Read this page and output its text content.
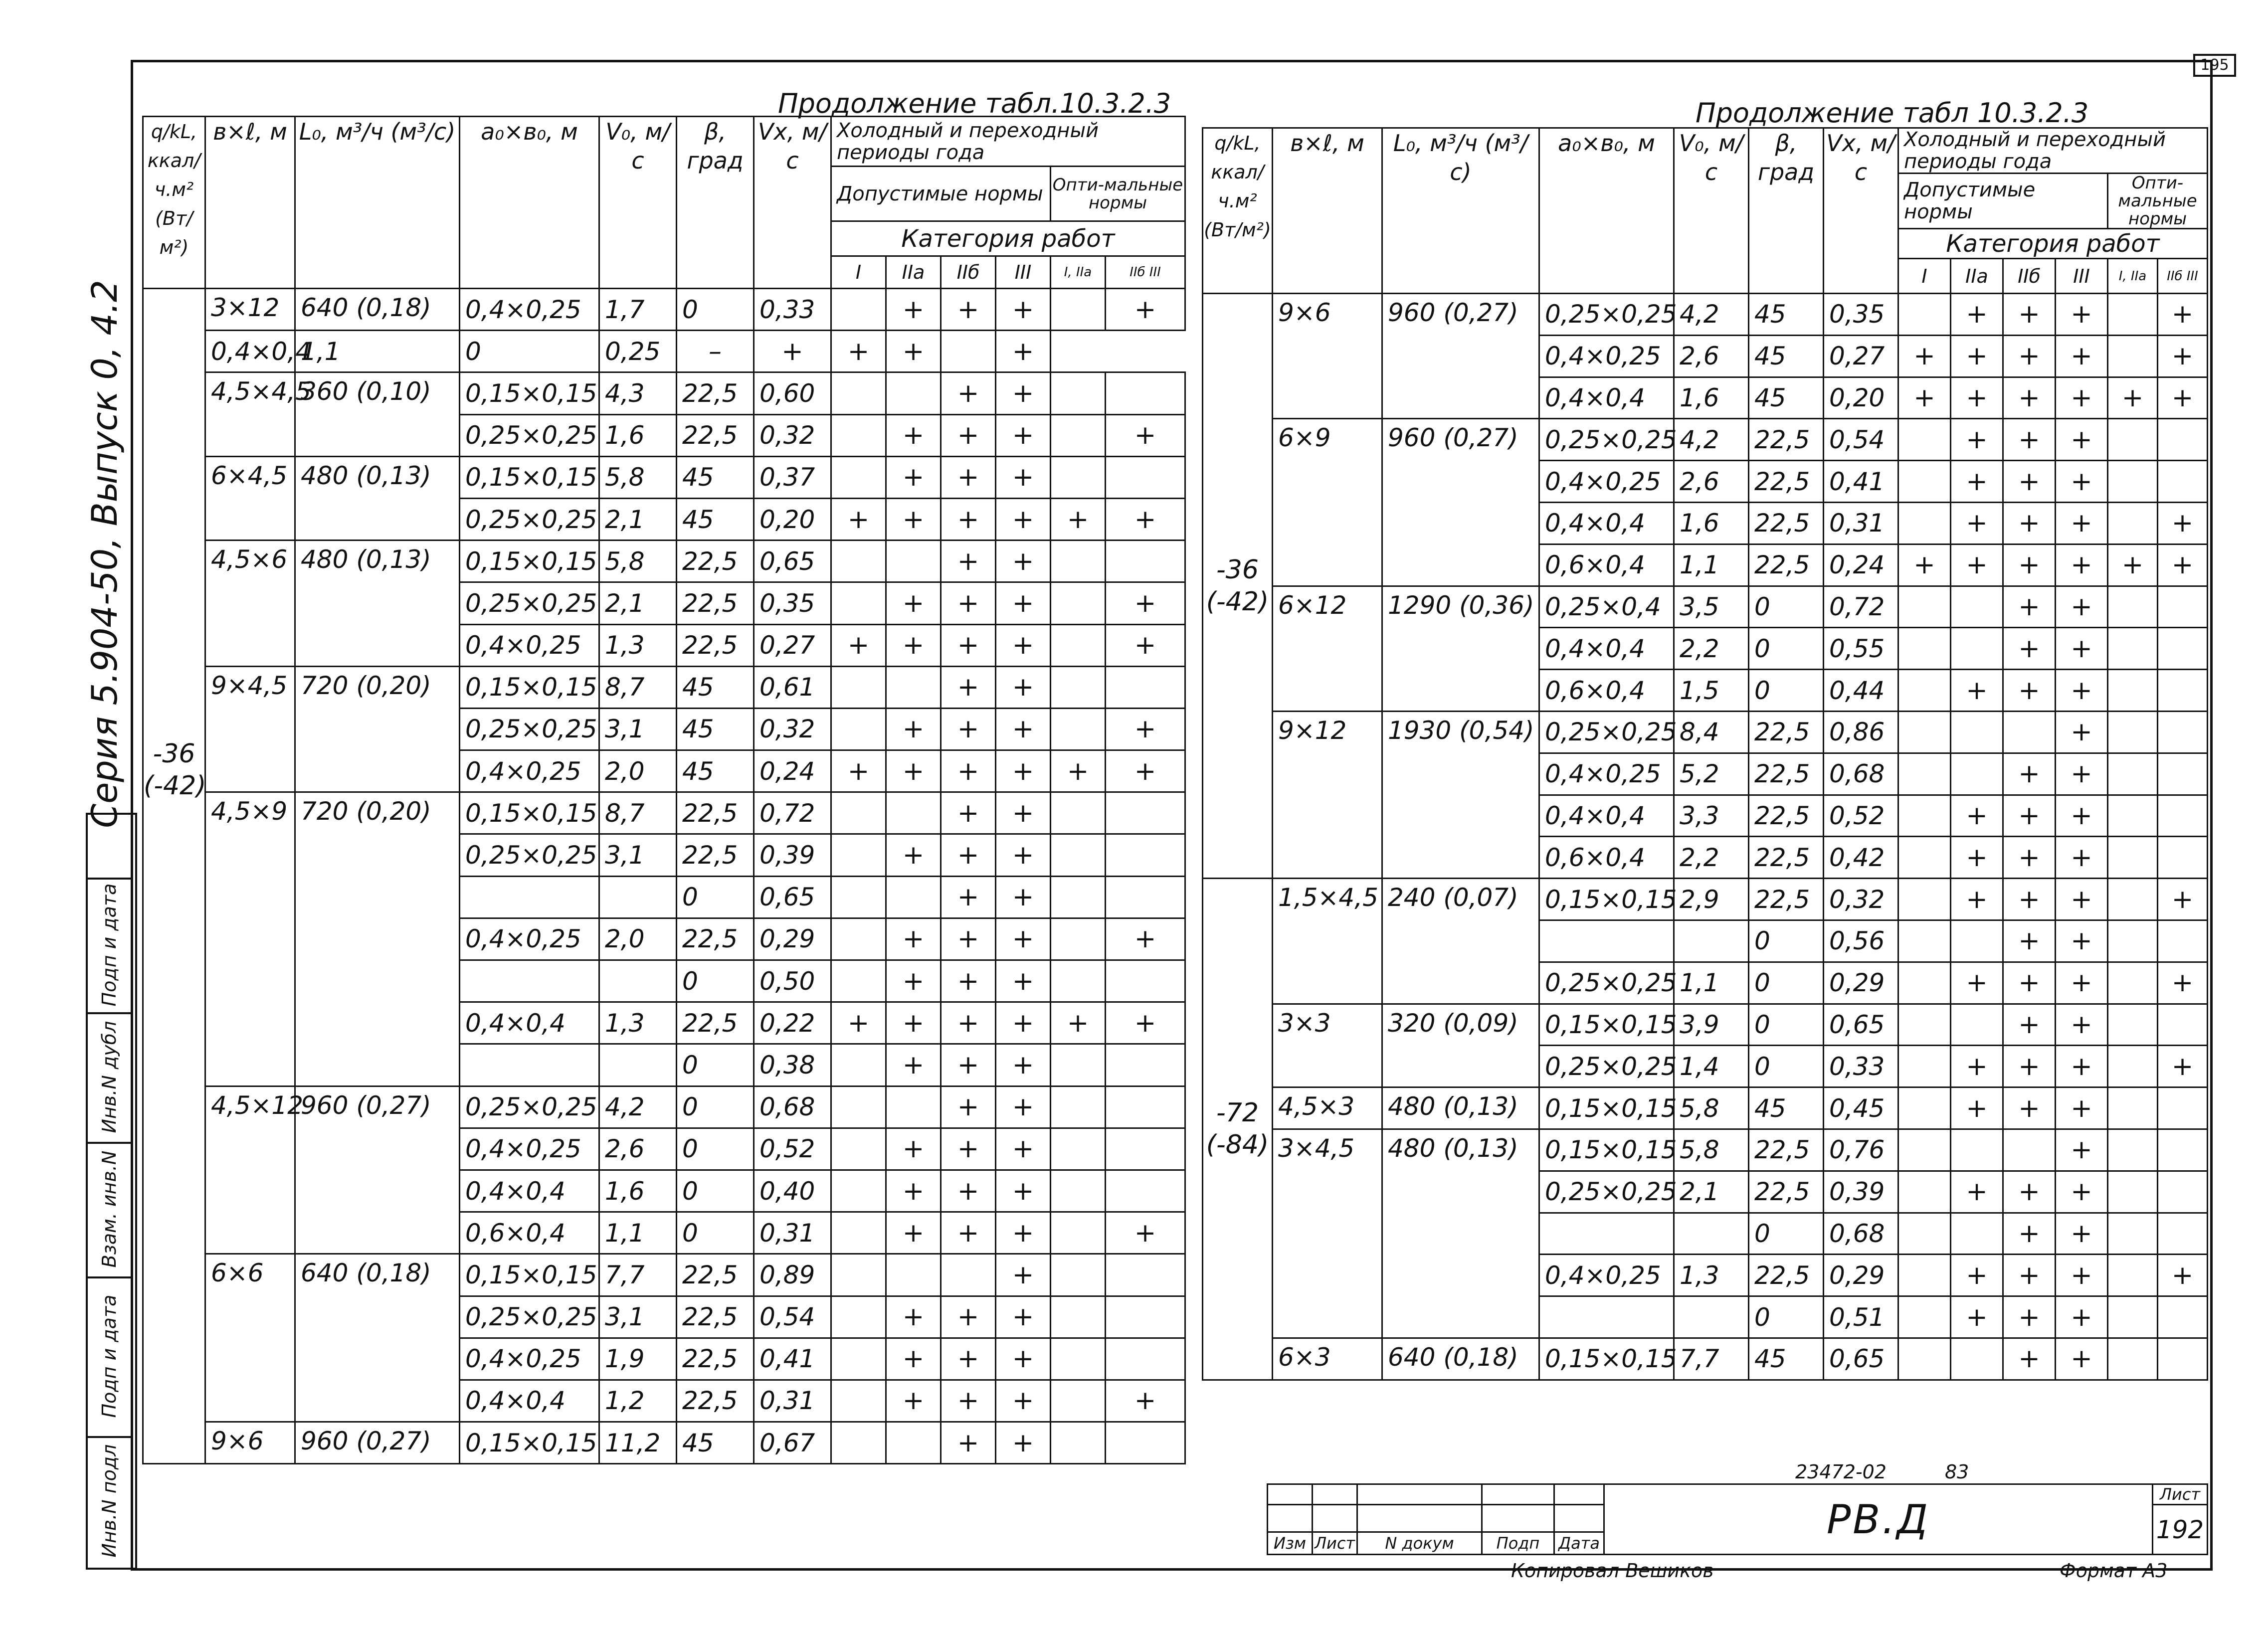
195
Серия 5.904-50, Выпуск 0, 4.2
Инв.N подл
Подп и дата
Взам. инв.N
Инв.N дубл
Подп и дата
Продолжение табл.10.3.2.3
q/kL, ккал/ч.м² (Вт/м²)	в×ℓ, м	L₀, м³/ч (м³/с)	a₀×в₀, м	V₀, м/с	β, град	Vx, м/с	Холодный и переходный периоды года					
							Допустимые нормы				Опти-мальные нормы	
							Категория работ					
							I	IIа	IIб	III	I, IIа	IIб III
-36 (-42)	3×12	640 (0,18)	0,4×0,25	1,7	0	0,33		+	+	+		+
	0,4×0,4	1,1	0	0,25	–	+	+	+		+		
	4,5×4,5	360 (0,10)	0,15×0,15	4,3	22,5	0,60			+	+		
			0,25×0,25	1,6	22,5	0,32		+	+	+		+
	6×4,5	480 (0,13)	0,15×0,15	5,8	45	0,37		+	+	+		
			0,25×0,25	2,1	45	0,20	+	+	+	+	+	+
	4,5×6	480 (0,13)	0,15×0,15	5,8	22,5	0,65			+	+		
			0,25×0,25	2,1	22,5	0,35		+	+	+		+
			0,4×0,25	1,3	22,5	0,27	+	+	+	+		+
	9×4,5	720 (0,20)	0,15×0,15	8,7	45	0,61			+	+		
			0,25×0,25	3,1	45	0,32		+	+	+		+
			0,4×0,25	2,0	45	0,24	+	+	+	+	+	+
	4,5×9	720 (0,20)	0,15×0,15	8,7	22,5	0,72			+	+		
			0,25×0,25	3,1	22,5	0,39		+	+	+		
					0	0,65			+	+		
			0,4×0,25	2,0	22,5	0,29		+	+	+		+
					0	0,50		+	+	+		
			0,4×0,4	1,3	22,5	0,22	+	+	+	+	+	+
					0	0,38		+	+	+		
	4,5×12	960 (0,27)	0,25×0,25	4,2	0	0,68			+	+		
			0,4×0,25	2,6	0	0,52		+	+	+		
			0,4×0,4	1,6	0	0,40		+	+	+		
			0,6×0,4	1,1	0	0,31		+	+	+		+
	6×6	640 (0,18)	0,15×0,15	7,7	22,5	0,89				+		
			0,25×0,25	3,1	22,5	0,54		+	+	+		
			0,4×0,25	1,9	22,5	0,41		+	+	+		
			0,4×0,4	1,2	22,5	0,31		+	+	+		+
	9×6	960 (0,27)	0,15×0,15	11,2	45	0,67			+	+		
Продолжение табл 10.3.2.3
q/kL, ккал/ч.м² (Вт/м²)	в×ℓ, м	L₀, м³/ч (м³/с)	a₀×в₀, м	V₀, м/с	β, град	Vx, м/с	Холодный и переходный периоды года					
							Допустимые нормы				Опти-мальные нормы	
							Категория работ					
							I	IIа	IIб	III	I, IIа	IIб III
-36 (-42)	9×6	960 (0,27)	0,25×0,25	4,2	45	0,35		+	+	+		+
			0,4×0,25	2,6	45	0,27	+	+	+	+		+
			0,4×0,4	1,6	45	0,20	+	+	+	+	+	+
	6×9	960 (0,27)	0,25×0,25	4,2	22,5	0,54		+	+	+		
			0,4×0,25	2,6	22,5	0,41		+	+	+		
			0,4×0,4	1,6	22,5	0,31		+	+	+		+
			0,6×0,4	1,1	22,5	0,24	+	+	+	+	+	+
	6×12	1290 (0,36)	0,25×0,4	3,5	0	0,72			+	+		
			0,4×0,4	2,2	0	0,55			+	+		
			0,6×0,4	1,5	0	0,44		+	+	+		
	9×12	1930 (0,54)	0,25×0,25	8,4	22,5	0,86				+		
			0,4×0,25	5,2	22,5	0,68			+	+		
			0,4×0,4	3,3	22,5	0,52		+	+	+		
			0,6×0,4	2,2	22,5	0,42		+	+	+		
-72 (-84)	1,5×4,5	240 (0,07)	0,15×0,15	2,9	22,5	0,32		+	+	+		+
					0	0,56			+	+		
			0,25×0,25	1,1	0	0,29		+	+	+		+
	3×3	320 (0,09)	0,15×0,15	3,9	0	0,65			+	+		
			0,25×0,25	1,4	0	0,33		+	+	+		+
	4,5×3	480 (0,13)	0,15×0,15	5,8	45	0,45		+	+	+		
	3×4,5	480 (0,13)	0,15×0,15	5,8	22,5	0,76				+		
			0,25×0,25	2,1	22,5	0,39		+	+	+		
					0	0,68			+	+		
			0,4×0,25	1,3	22,5	0,29		+	+	+		+
					0	0,51		+	+	+		
	6×3	640 (0,18)	0,15×0,15	7,7	45	0,65			+	+		
					РВ.Д	Лист
						192
Изм	Лист	N докум	Подп	Дата		
23472-02	83
Копировал Вешиков	Формат A3
